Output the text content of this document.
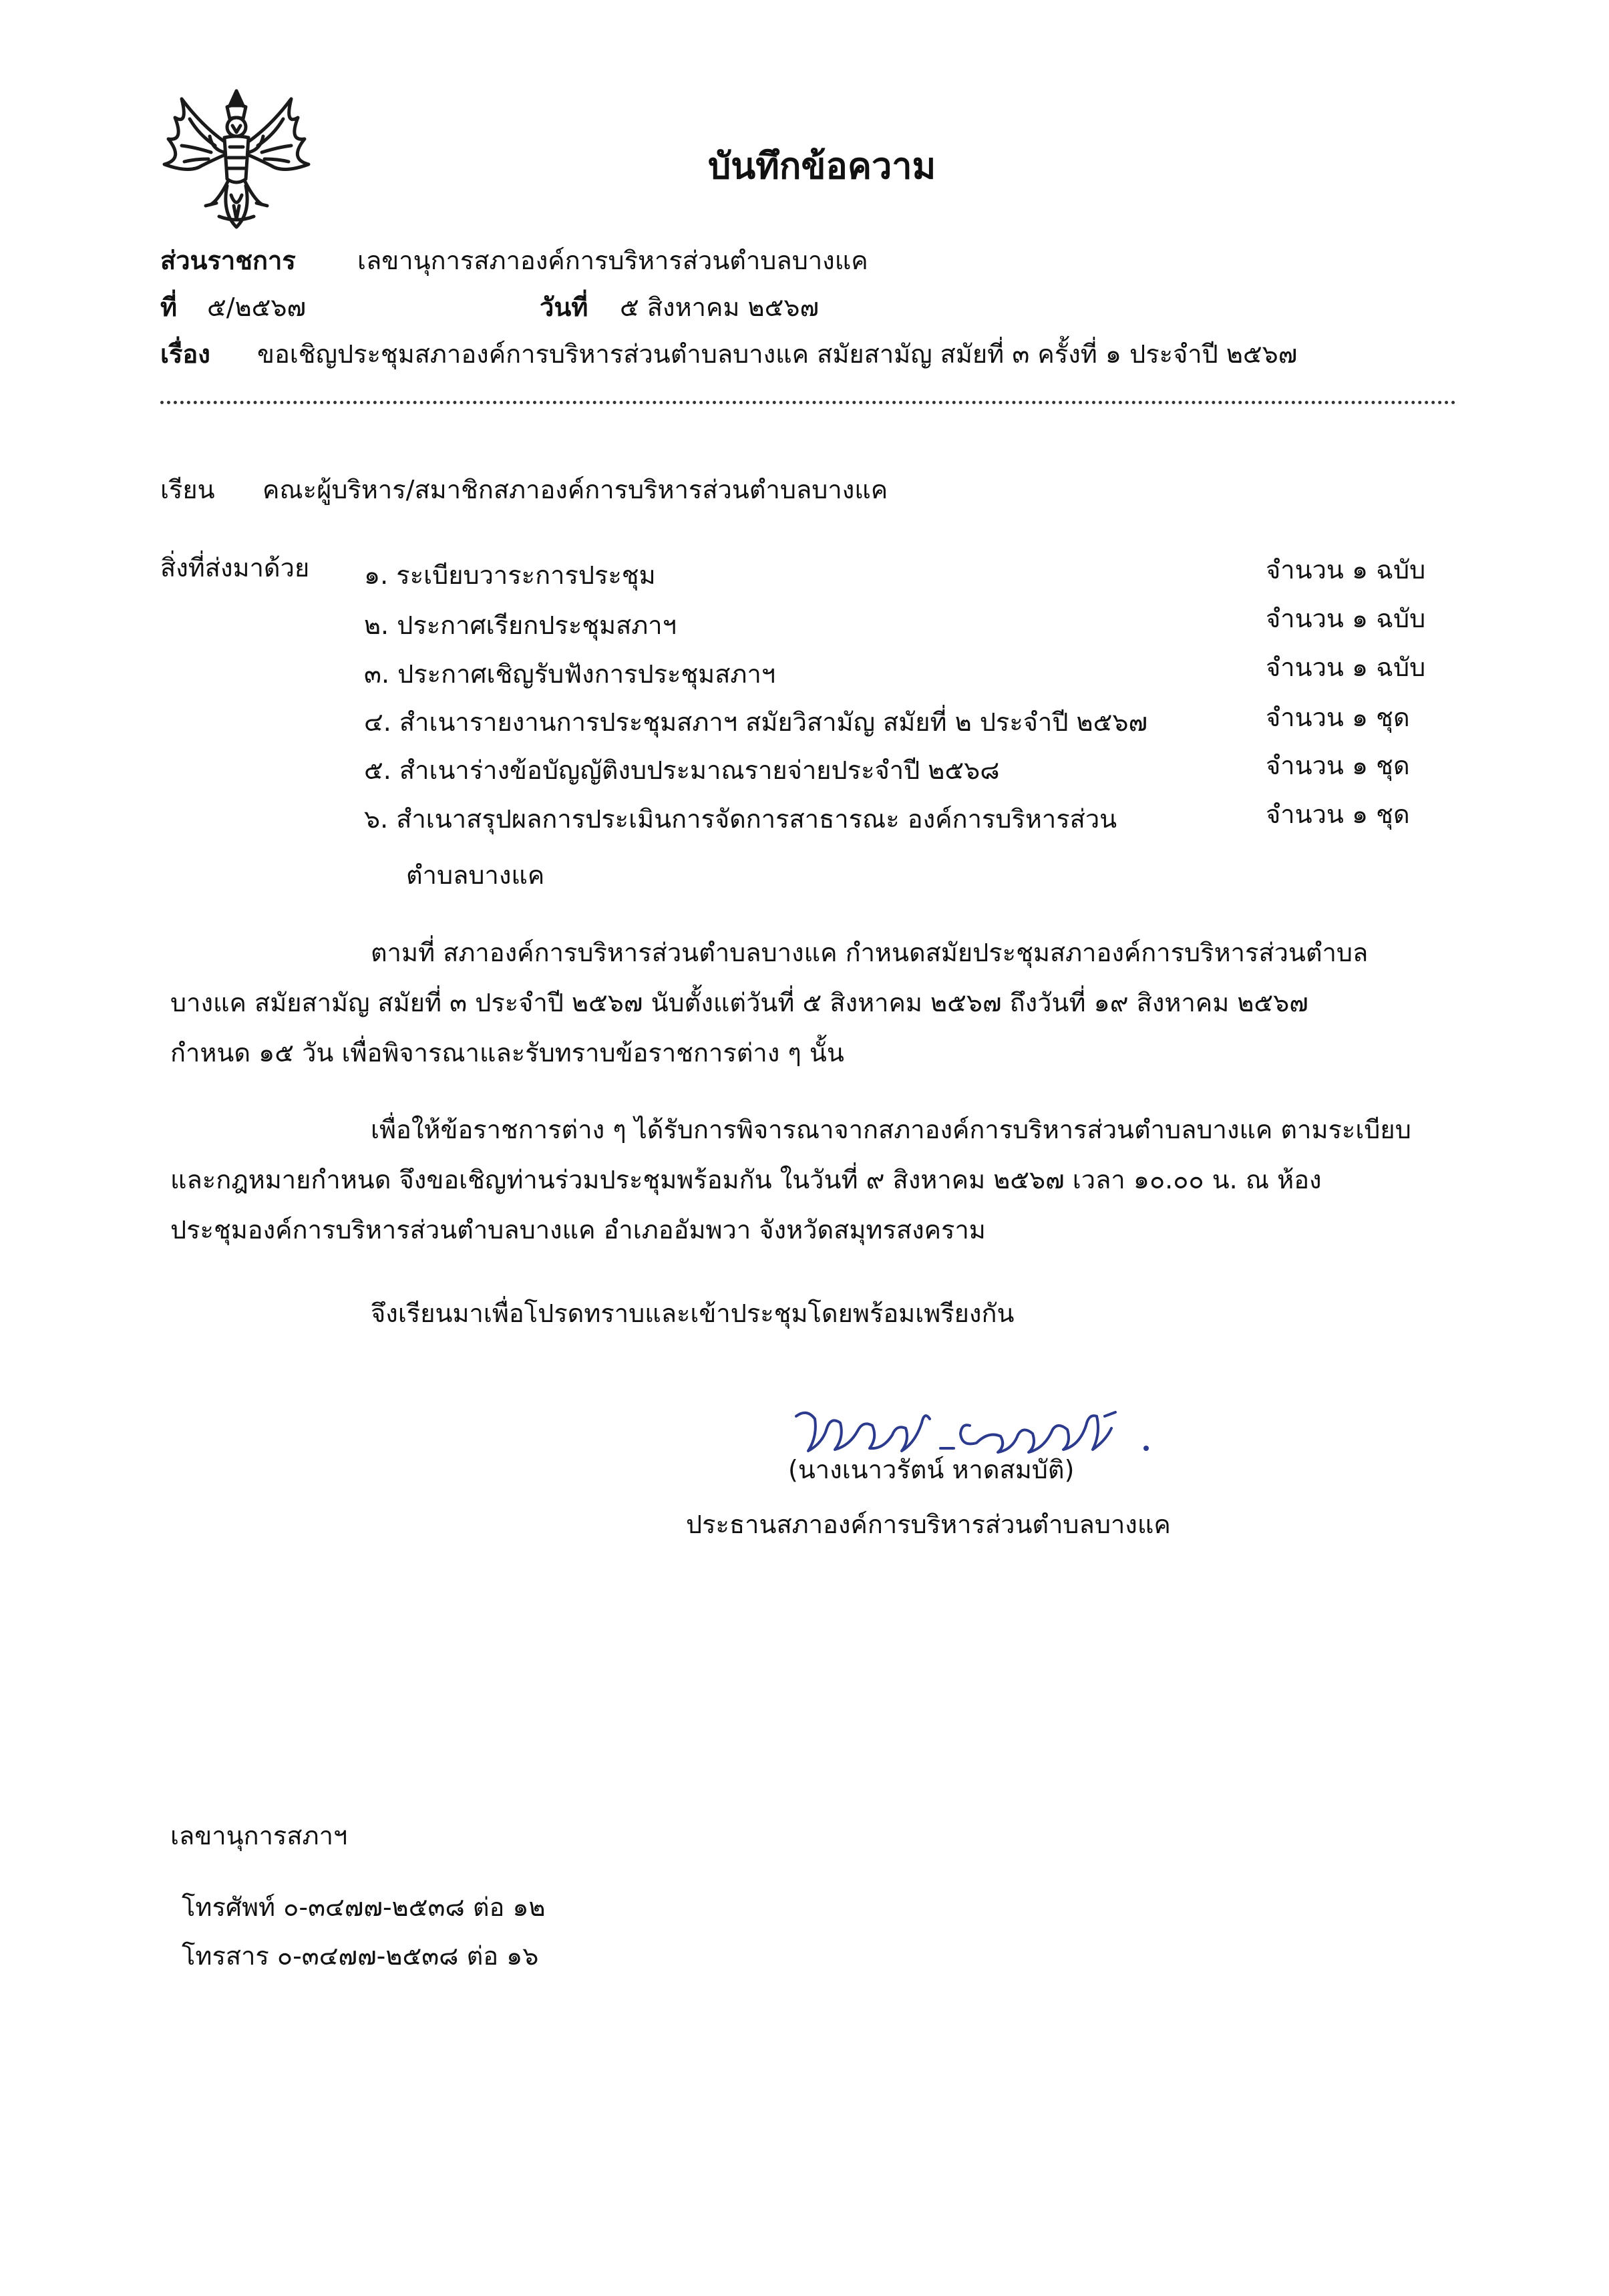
บันทึกข้อความ
ส่วนราชการ เลขานุการสภาองค์การบริหารส่วนตำบลบางแค
ที่ ๕/๒๕๖๗	วันที่ ๕ สิงหาคม ๒๕๖๗
เรื่อง ขอเชิญประชุมสภาองค์การบริหารส่วนตำบลบางแค สมัยสามัญ สมัยที่ ๓ ครั้งที่ ๑ ประจำปี ๒๕๖๗
เรียน คณะผู้บริหาร/สมาชิกสภาองค์การบริหารส่วนตำบลบางแค
สิ่งที่ส่งมาด้วย ๑. ระเบียบวาระการประชุม	จำนวน ๑ ฉบับ
๒. ประกาศเรียกประชุมสภาฯ	จำนวน ๑ ฉบับ
๓. ประกาศเชิญรับฟังการประชุมสภาฯ	จำนวน ๑ ฉบับ
๔. สำเนารายงานการประชุมสภาฯ สมัยวิสามัญ สมัยที่ ๒ ประจำปี ๒๕๖๗	จำนวน ๑ ชุด
๕. สำเนาร่างข้อบัญญัติงบประมาณรายจ่ายประจำปี ๒๕๖๘	จำนวน ๑ ชุด
๖. สำเนาสรุปผลการประเมินการจัดการสาธารณะ องค์การบริหารส่วน	จำนวน ๑ ชุด
ตำบลบางแค
ตามที่ สภาองค์การบริหารส่วนตำบลบางแค กำหนดสมัยประชุมสภาองค์การบริหารส่วนตำบล
บางแค สมัยสามัญ สมัยที่ ๓ ประจำปี ๒๕๖๗ นับตั้งแต่วันที่ ๕ สิงหาคม ๒๕๖๗ ถึงวันที่ ๑๙ สิงหาคม ๒๕๖๗
กำหนด ๑๕ วัน เพื่อพิจารณาและรับทราบข้อราชการต่าง ๆ นั้น
เพื่อให้ข้อราชการต่าง ๆ ได้รับการพิจารณาจากสภาองค์การบริหารส่วนตำบลบางแค ตามระเบียบ
และกฎหมายกำหนด จึงขอเชิญท่านร่วมประชุมพร้อมกัน ในวันที่ ๙ สิงหาคม ๒๕๖๗ เวลา ๑๐.๐๐ น. ณ ห้อง
ประชุมองค์การบริหารส่วนตำบลบางแค อำเภออัมพวา จังหวัดสมุทรสงคราม
จึงเรียนมาเพื่อโปรดทราบและเข้าประชุมโดยพร้อมเพรียงกัน
(นางเนาวรัตน์ หาดสมบัติ)
ประธานสภาองค์การบริหารส่วนตำบลบางแค
เลขานุการสภาฯ
โทรศัพท์ ๐-๓๔๗๗-๒๕๓๘ ต่อ ๑๒
โทรสาร ๐-๓๔๗๗-๒๕๓๘ ต่อ ๑๖
